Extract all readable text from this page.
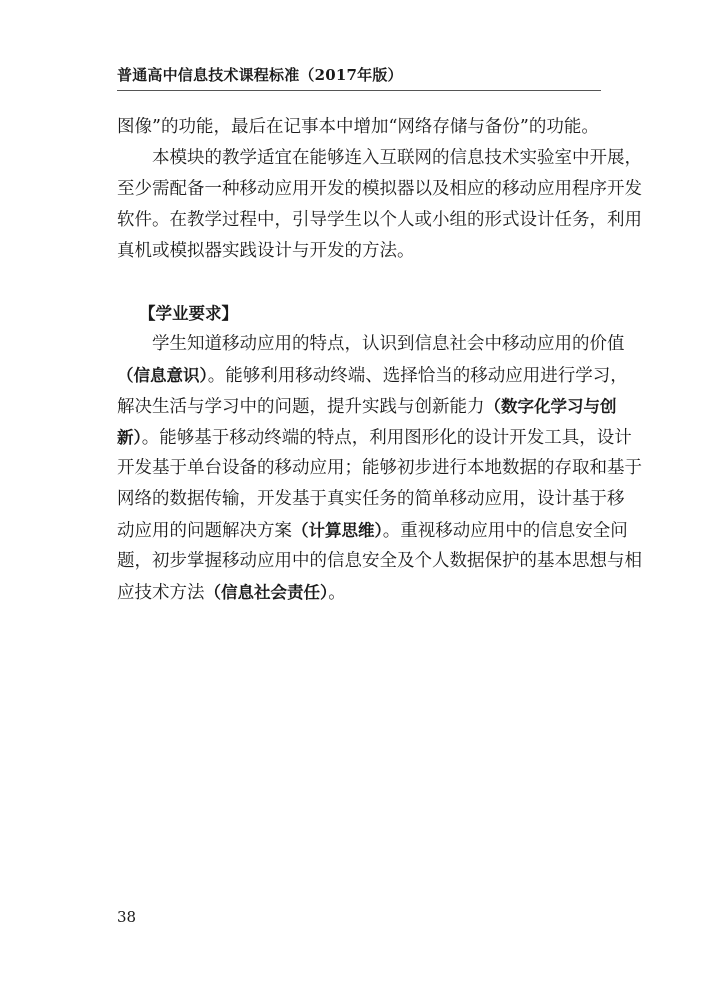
普通高中信息技术课程标准（2017年版）
图像”的功能，最后在记事本中增加“网络存储与备份”的功能。
本模块的教学适宜在能够连入互联网的信息技术实验室中开展，
至少需配备一种移动应用开发的模拟器以及相应的移动应用程序开发
软件。在教学过程中，引导学生以个人或小组的形式设计任务，利用
真机或模拟器实践设计与开发的方法。
【学业要求】
学生知道移动应用的特点，认识到信息社会中移动应用的价值
（信息意识）。能够利用移动终端、选择恰当的移动应用进行学习，
解决生活与学习中的问题，提升实践与创新能力（数字化学习与创
新）。能够基于移动终端的特点，利用图形化的设计开发工具，设计
开发基于单台设备的移动应用；能够初步进行本地数据的存取和基于
网络的数据传输，开发基于真实任务的简单移动应用，设计基于移
动应用的问题解决方案（计算思维）。重视移动应用中的信息安全问
题，初步掌握移动应用中的信息安全及个人数据保护的基本思想与相
应技术方法（信息社会责任）。
38
